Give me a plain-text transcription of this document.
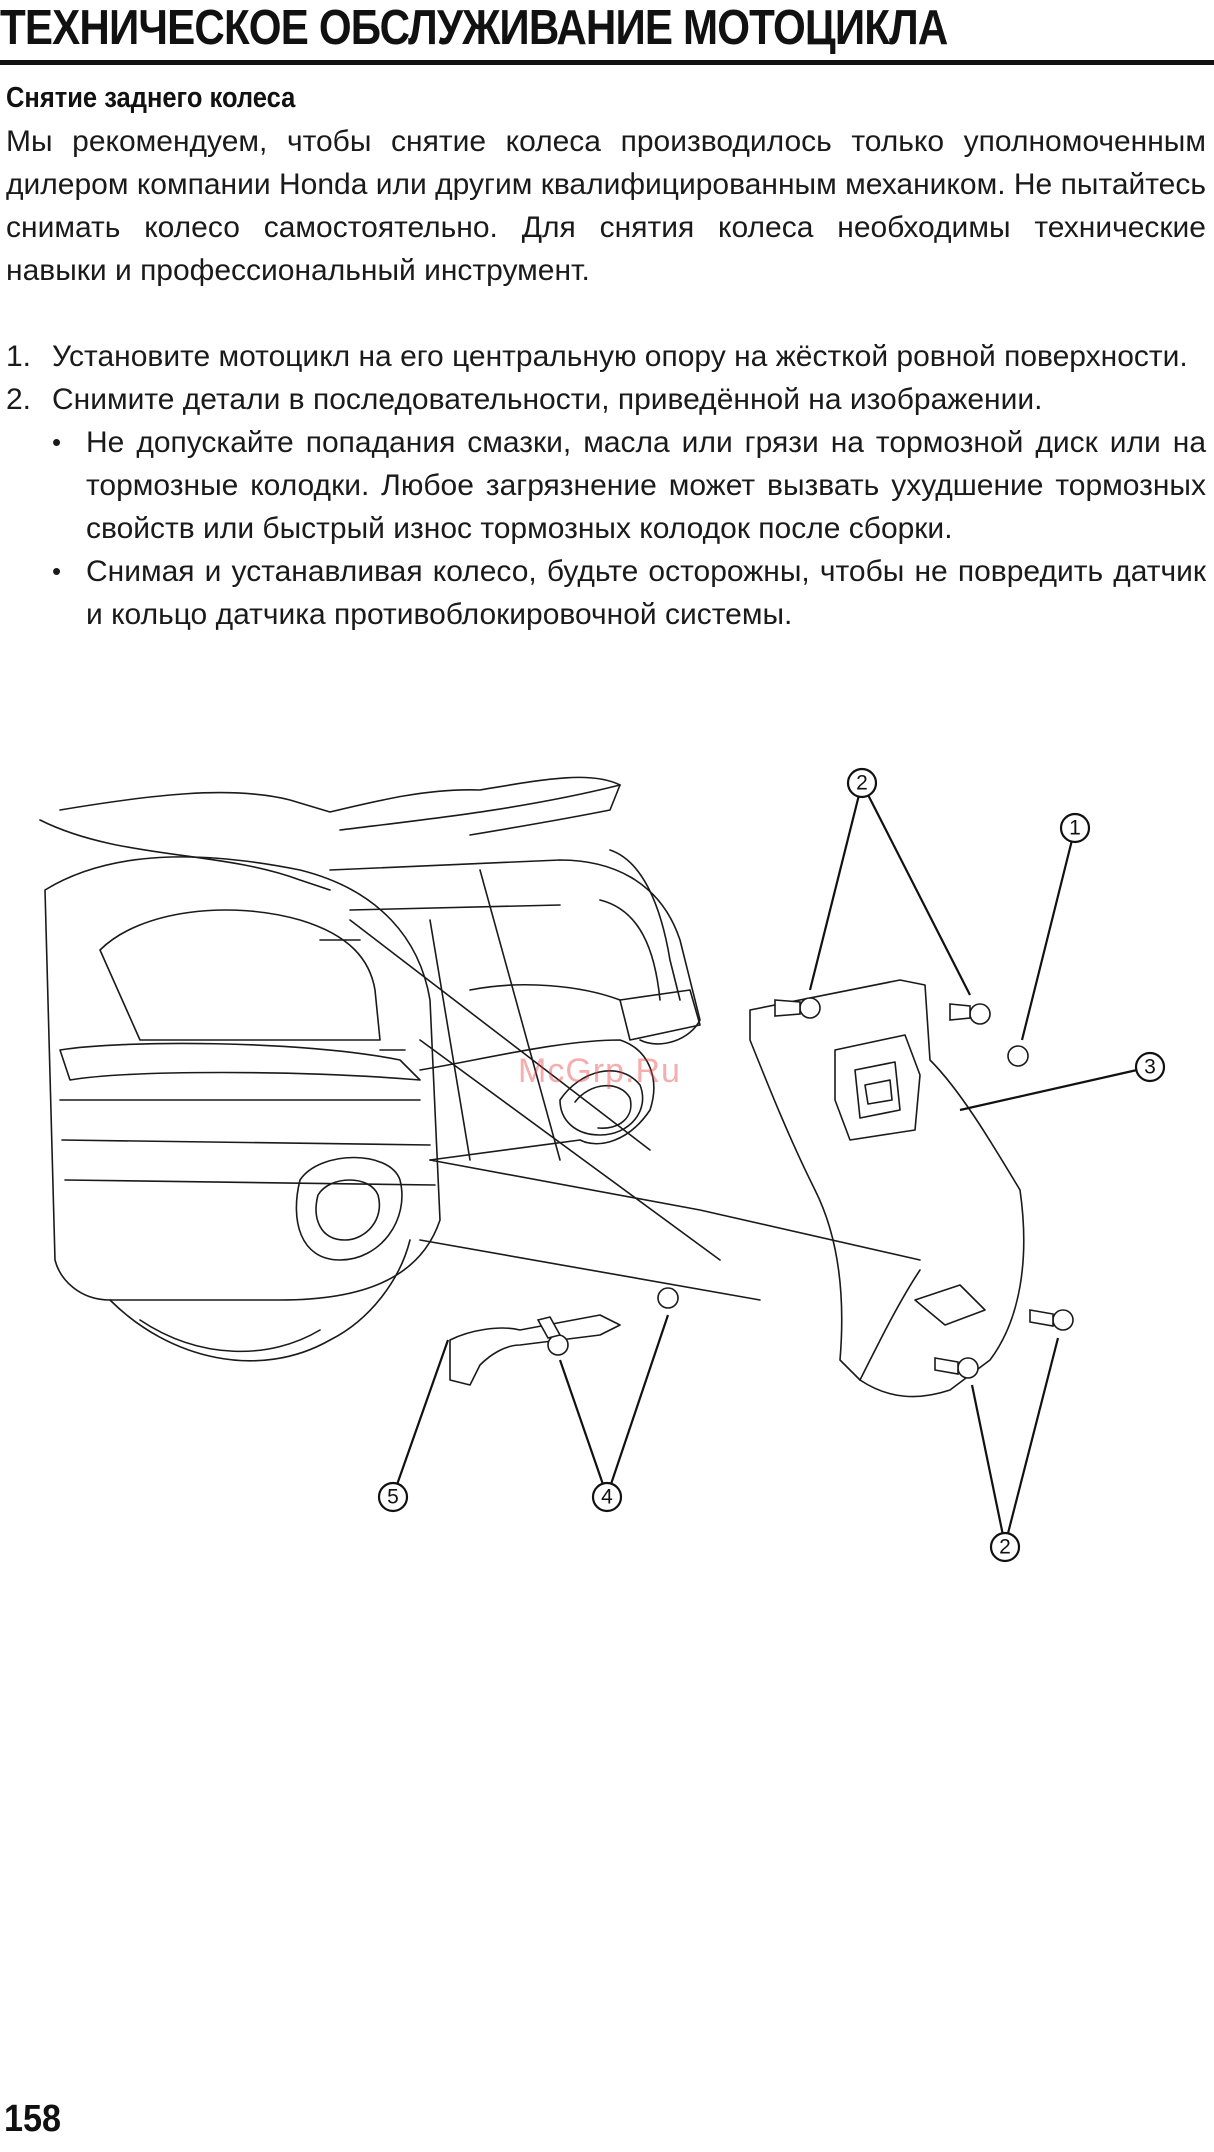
ТЕХНИЧЕСКОЕ ОБСЛУЖИВАНИЕ МОТОЦИКЛА
Снятие заднего колеса
Мы рекомендуем, чтобы снятие колеса производилось только уполномоченным дилером компании Honda или другим квалифицированным механиком. Не пытайтесь снимать колесо самостоятельно. Для снятия колеса необходимы технические навыки и профессиональный инструмент.
1. Установите мотоцикл на его центральную опору на жёсткой ровной поверхности.
2. Снимите детали в последовательности, приведённой на изображении.
• Не допускайте попадания смазки, масла или грязи на тормозной диск или на тормозные колодки. Любое загрязнение может вызвать ухудшение тормозных свойств или быстрый износ тормозных колодок после сборки.
• Снимая и устанавливая колесо, будьте осторожны, чтобы не повредить датчик и кольцо датчика противоблокировочной системы.
2
1
3
5	4
2
McGrp.Ru
158
